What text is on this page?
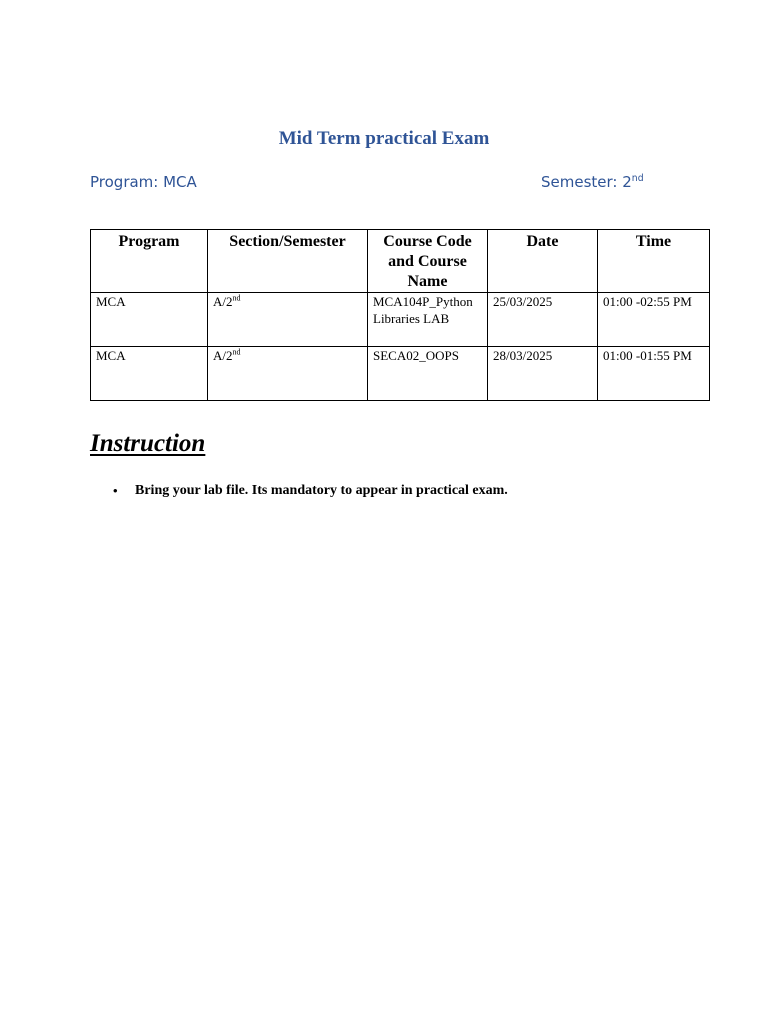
Mid Term practical Exam
Program: MCA	Semester: 2nd
Program	Section/Semester	Course Code and Course Name	Date	Time
MCA	A/2nd	MCA104P_Python Libraries LAB	25/03/2025	01:00 -02:55 PM
MCA	A/2nd	SECA02_OOPS	28/03/2025	01:00 -01:55 PM
Instruction
• Bring your lab file. Its mandatory to appear in practical exam.
